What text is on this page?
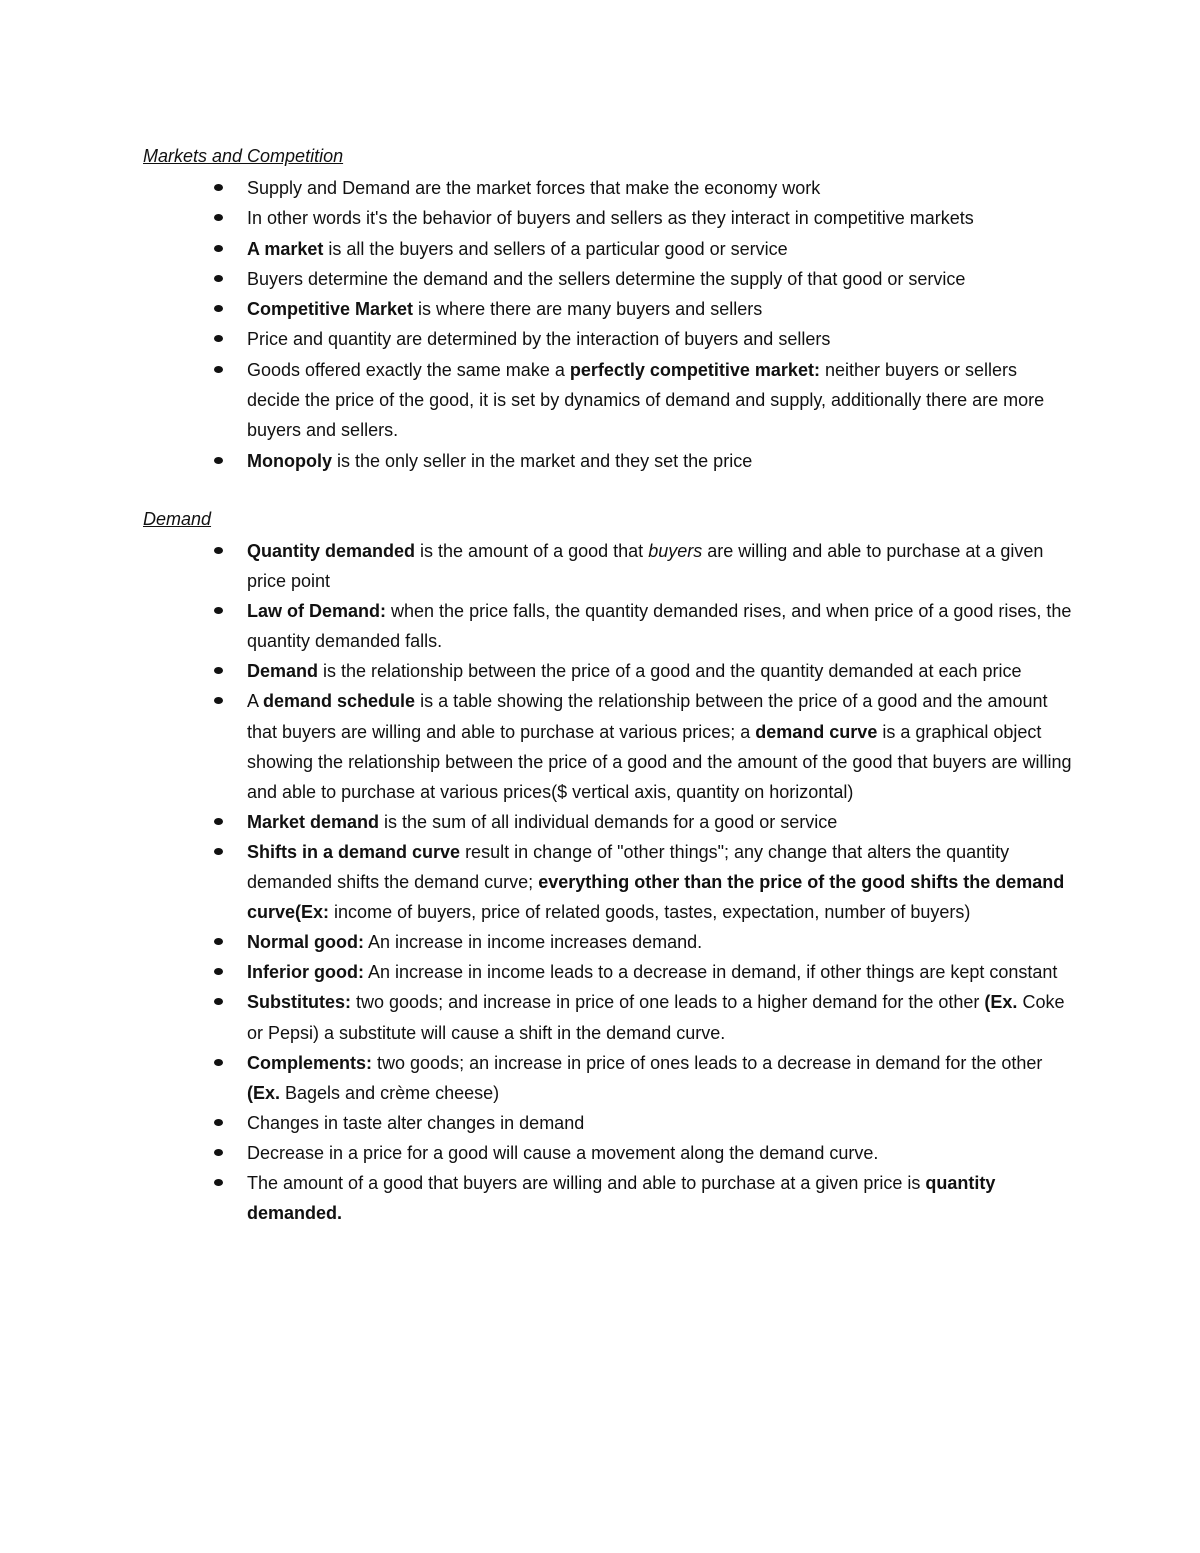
Markets and Competition
Supply and Demand are the market forces that make the economy work
In other words it's the behavior of buyers and sellers as they interact in competitive markets
A market is all the buyers and sellers of a particular good or service
Buyers determine the demand and the sellers determine the supply of that good or service
Competitive Market is where there are many buyers and sellers
Price and quantity are determined by the interaction of buyers and sellers
Goods offered exactly the same make a perfectly competitive market: neither buyers or sellers decide the price of the good, it is set by dynamics of demand and supply, additionally there are more buyers and sellers.
Monopoly is the only seller in the market and they set the price
Demand
Quantity demanded is the amount of a good that buyers are willing and able to purchase at a given price point
Law of Demand: when the price falls, the quantity demanded rises, and when price of a good rises, the quantity demanded falls.
Demand is the relationship between the price of a good and the quantity demanded at each price
A demand schedule is a table showing the relationship between the price of a good and the amount that buyers are willing and able to purchase at various prices; a demand curve is a graphical object showing the relationship between the price of a good and the amount of the good that buyers are willing and able to purchase at various prices($ vertical axis, quantity on horizontal)
Market demand is the sum of all individual demands for a good or service
Shifts in a demand curve result in change of "other things"; any change that alters the quantity demanded shifts the demand curve; everything other than the price of the good shifts the demand curve(Ex: income of buyers, price of related goods, tastes, expectation, number of buyers)
Normal good: An increase in income increases demand.
Inferior good: An increase in income leads to a decrease in demand, if other things are kept constant
Substitutes: two goods; and increase in price of one leads to a higher demand for the other (Ex. Coke or Pepsi) a substitute will cause a shift in the demand curve.
Complements: two goods; an increase in price of ones leads to a decrease in demand for the other (Ex. Bagels and crème cheese)
Changes in taste alter changes in demand
Decrease in a price for a good will cause a movement along the demand curve.
The amount of a good that buyers are willing and able to purchase at a given price is quantity demanded.
